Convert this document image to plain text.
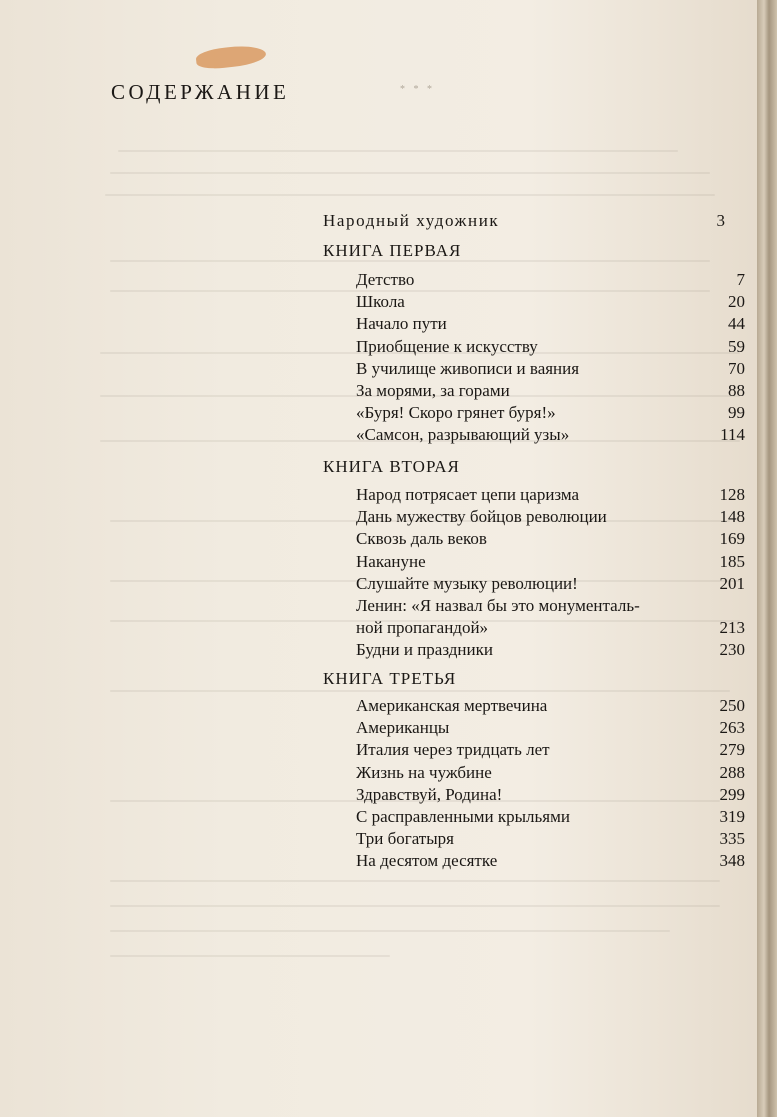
СОДЕРЖАНИЕ	* * *
Народный художник	3
КНИГА ПЕРВАЯ
Детство	7
Школа	20
Начало пути	44
Приобщение к искусству	59
В училище живописи и ваяния	70
За морями, за горами	88
«Буря! Скоро грянет буря!»	99
«Самсон, разрывающий узы»	114
КНИГА ВТОРАЯ
Народ потрясает цепи царизма	128
Дань мужеству бойцов революции	148
Сквозь даль веков	169
Накануне	185
Слушайте музыку революции!	201
Ленин: «Я назвал бы это монументаль-
ной пропагандой»	213
Будни и праздники	230
КНИГА ТРЕТЬЯ
Американская мертвечина	250
Американцы	263
Италия через тридцать лет	279
Жизнь на чужбине	288
Здравствуй, Родина!	299
С расправленными крыльями	319
Три богатыря	335
На десятом десятке	348
